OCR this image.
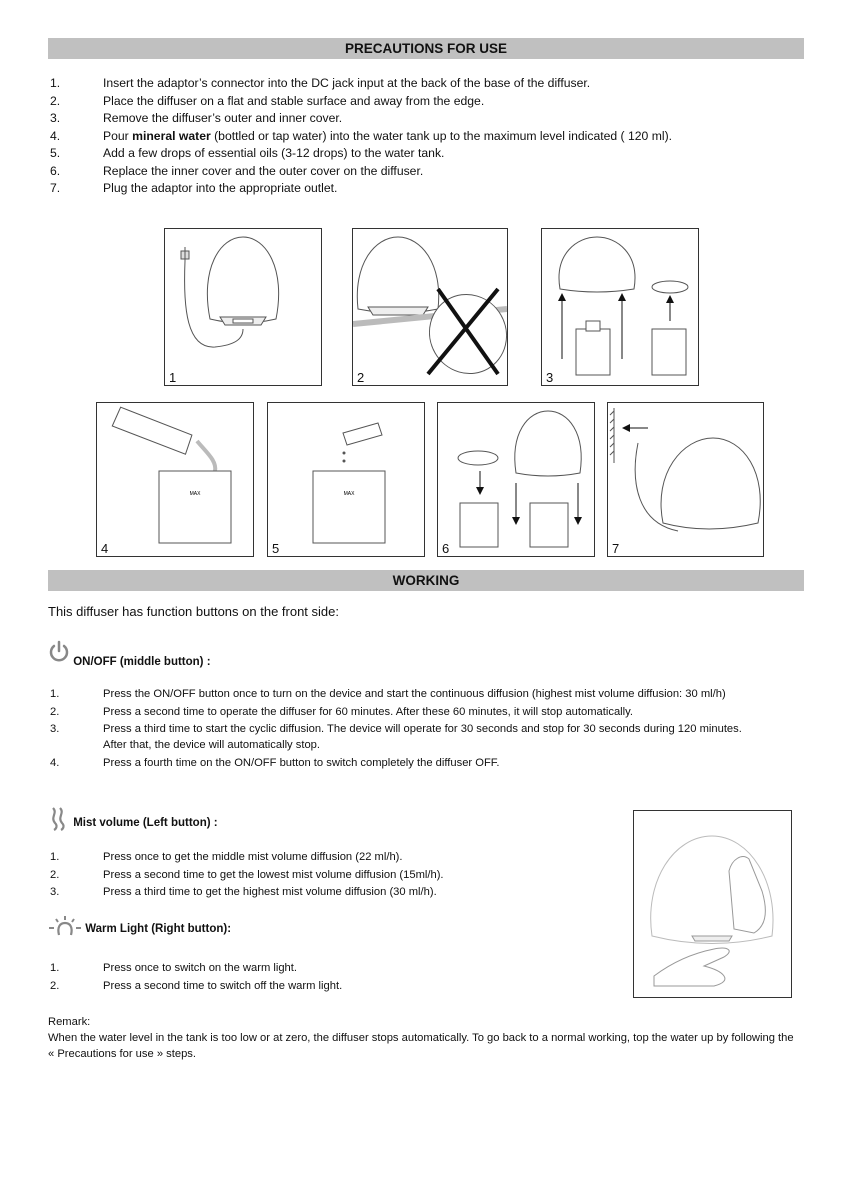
PRECAUTIONS FOR USE
1.	Insert the adaptor’s connector into the DC jack input at the back of the base of the diffuser.
2.	Place the diffuser on a flat and stable surface and away from the edge.
3.	Remove the diffuser’s outer and inner cover.
4.	Pour mineral water (bottled or tap water) into the water tank up to the maximum level indicated ( 120 ml).
5.	Add a few drops of essential oils (3-12 drops) to the water tank.
6.	Replace the inner cover and the outer cover on the diffuser.
7.	Plug the adaptor into the appropriate outlet.
1	2	3
MAX
4
MAX
5	6	7
WORKING
This diffuser has function buttons on the front side:
ON/OFF (middle button) :
1.	Press the ON/OFF button once to turn on the device and start the continuous diffusion (highest mist volume diffusion: 30 ml/h)
2.	Press a second time to operate the diffuser for 60 minutes. After these 60 minutes, it will stop automatically.
3.	Press a third time to start the cyclic diffusion. The device will operate for 30 seconds and stop for 30 seconds during 120 minutes. After that, the device will automatically stop.
4.	Press a fourth time on the ON/OFF button to switch completely the diffuser OFF.
Mist volume (Left button) :
1.	Press once to get the middle mist volume diffusion (22 ml/h).
2.	Press a second time to get the lowest mist volume diffusion (15ml/h).
3.	Press a third time to get the highest mist volume diffusion (30 ml/h).
Warm Light (Right button):
1.	Press once to switch on the warm light.
2.	Press a second time to switch off the warm light.
Remark:
When the water level in the tank is too low or at zero, the diffuser stops automatically. To go back to a normal working, top the water up by following the « Precautions for use » steps.
